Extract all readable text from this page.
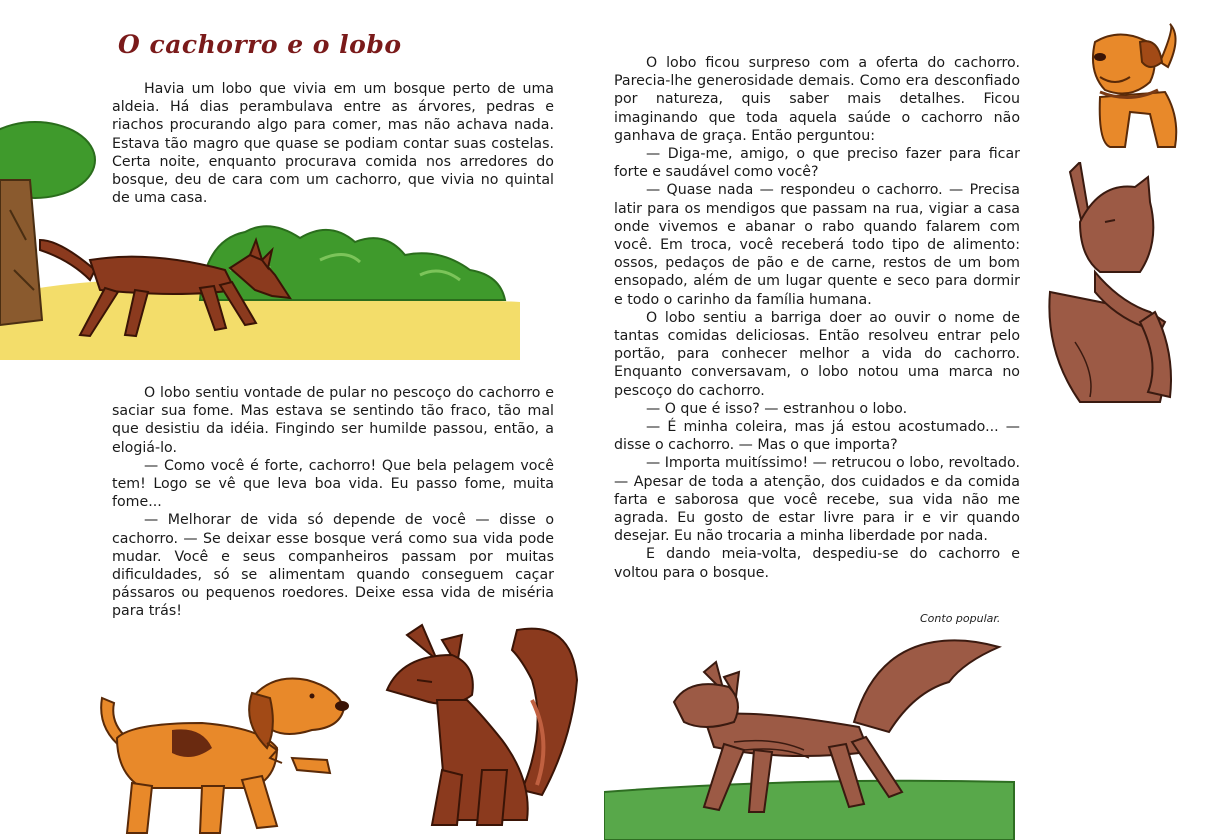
O cachorro e o lobo

Havia um lobo que vivia em um bosque perto de uma aldeia. Há dias perambulava entre as árvores, pedras e riachos procurando algo para comer, mas não achava nada. Estava tão magro que quase se podiam contar suas costelas. Certa noite, enquanto procurava comida nos arredores do bosque, deu de cara com um cachorro, que vivia no quintal de uma casa.

O lobo sentiu vontade de pular no pescoço do cachorro e saciar sua fome. Mas estava se sentindo tão fraco, tão mal que desistiu da idéia. Fingindo ser humilde passou, então, a elogiá-lo.

— Como você é forte, cachorro! Que bela pelagem você tem! Logo se vê que leva boa vida. Eu passo fome, muita fome...

— Melhorar de vida só depende de você — disse o cachorro. — Se deixar esse bosque verá como sua vida pode mudar. Você e seus companheiros passam por muitas dificuldades, só se alimentam quando conseguem caçar pássaros ou pequenos roedores. Deixe essa vida de miséria para trás!

O lobo ficou surpreso com a oferta do cachorro. Parecia-lhe generosidade demais. Como era desconfiado por natureza, quis saber mais detalhes. Ficou imaginando que toda aquela saúde o cachorro não ganhava de graça. Então perguntou:

— Diga-me, amigo, o que preciso fazer para ficar forte e saudável como você?

— Quase nada — respondeu o cachorro. — Precisa latir para os mendigos que passam na rua, vigiar a casa onde vivemos e abanar o rabo quando falarem com você. Em troca, você receberá todo tipo de alimento: ossos, pedaços de pão e de carne, restos de um bom ensopado, além de um lugar quente e seco para dormir e todo o carinho da família humana.

O lobo sentiu a barriga doer ao ouvir o nome de tantas comidas deliciosas. Então resolveu entrar pelo portão, para conhecer melhor a vida do cachorro. Enquanto conversavam, o lobo notou uma marca no pescoço do cachorro.

— O que é isso? — estranhou o lobo.

— É minha coleira, mas já estou acostumado... — disse o cachorro. — Mas o que importa?

— Importa muitíssimo! — retrucou o lobo, revoltado. — Apesar de toda a atenção, dos cuidados e da comida farta e saborosa que você recebe, sua vida não me agrada. Eu gosto de estar livre para ir e vir quando desejar. Eu não trocaria a minha liberdade por nada.

E dando meia-volta, despediu-se do cachorro e voltou para o bosque.

Conto popular.
